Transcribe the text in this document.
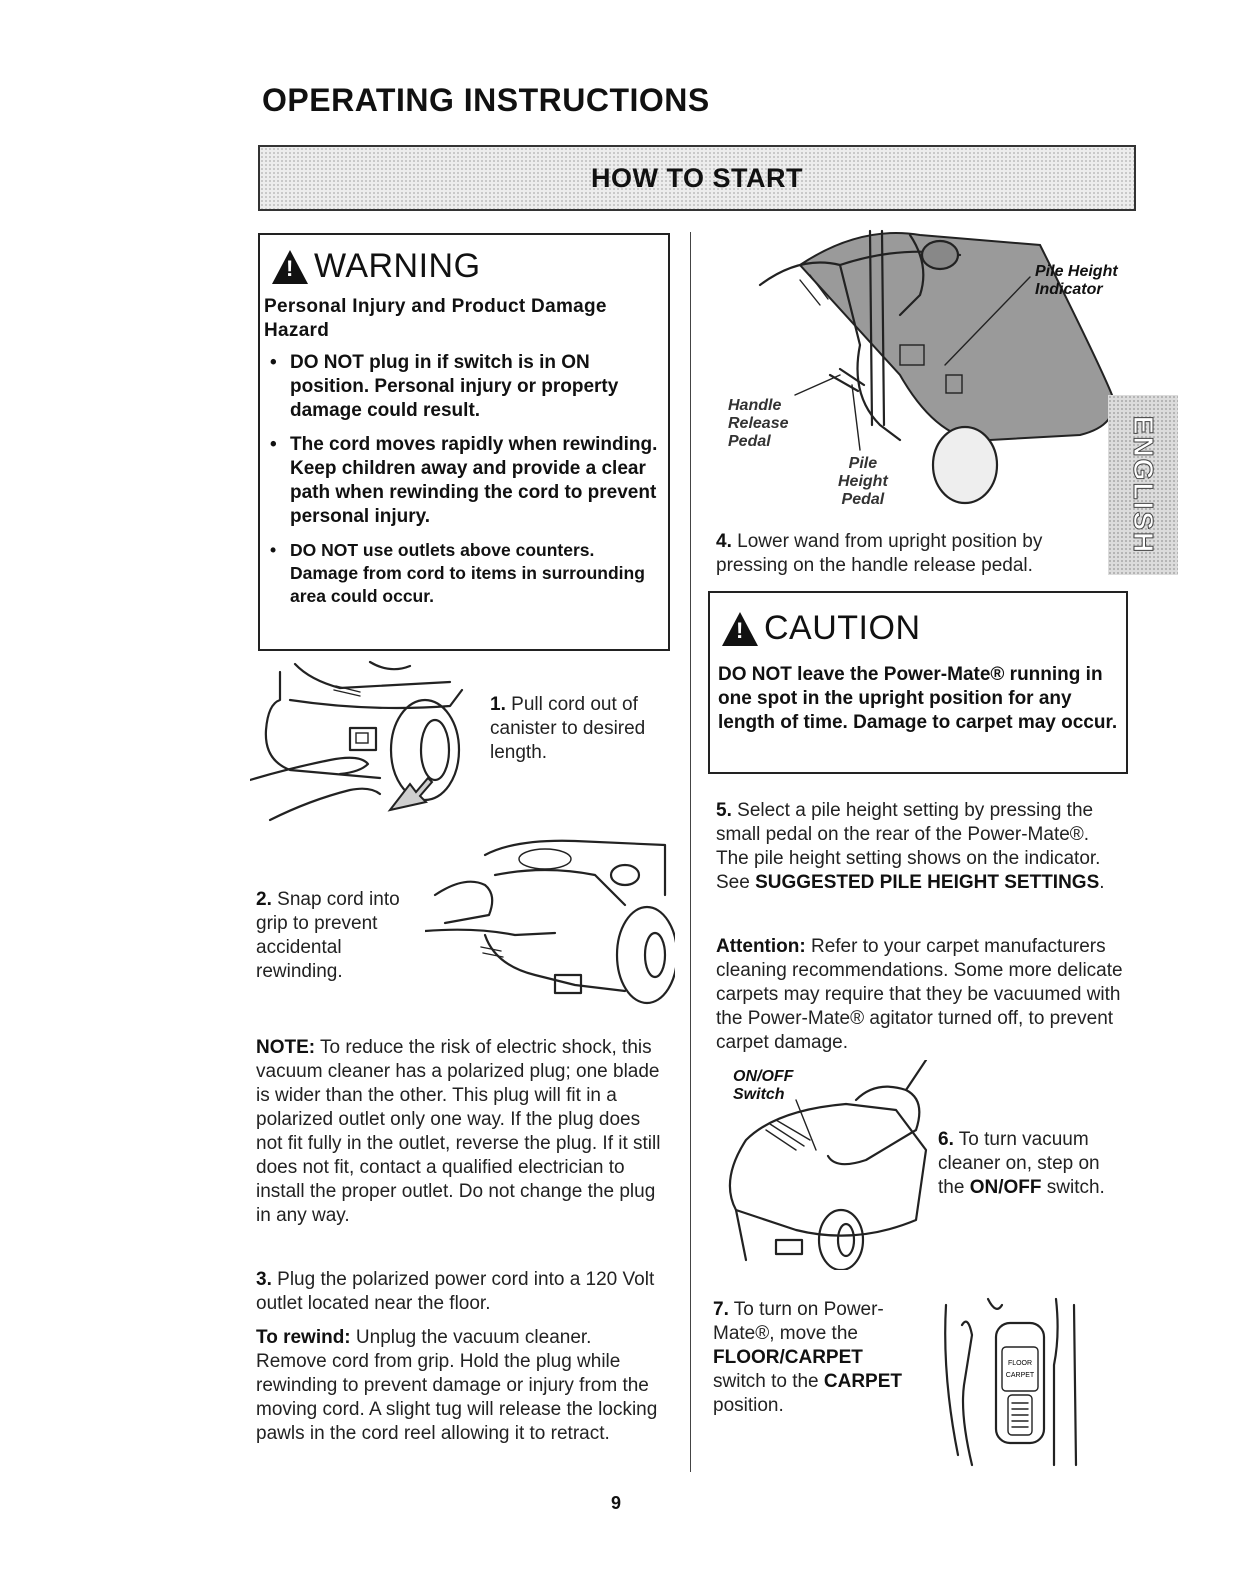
OPERATING INSTRUCTIONS
HOW TO START
!
WARNING
Personal Injury and Product Damage Hazard
• DO NOT plug in if switch is in ON position. Personal injury or property damage could result.
• The cord moves rapidly when rewinding. Keep children away and provide a clear path when rewinding the cord to prevent personal injury.
• DO NOT use outlets above counters. Damage from cord to items in surrounding area could occur.
1. Pull cord out of canister to desired length.
2. Snap cord into grip to prevent accidental rewinding.
NOTE: To reduce the risk of electric shock, this vacuum cleaner has a polarized plug; one blade is wider than the other. This plug will fit in a polarized outlet only one way. If the plug does not fit fully in the outlet, reverse the plug. If it still does not fit, contact a qualified electrician to install the proper outlet. Do not change the plug in any way.
3. Plug the polarized power cord into a 120 Volt outlet located near the floor.
To rewind: Unplug the vacuum cleaner. Remove cord from grip. Hold the plug while rewinding to prevent damage or injury from the moving cord. A slight tug will release the locking pawls in the cord reel allowing it to retract.
Pile Height
Indicator
Handle
Release
Pedal
Pile
Height
Pedal	ENGLISH
4. Lower wand from upright position by pressing on the handle release pedal.
!
CAUTION
DO NOT leave the Power-Mate® running in one spot in the upright position for any length of time. Damage to carpet may occur.
5. Select a pile height setting by pressing the small pedal on the rear of the Power-Mate®. The pile height setting shows on the indicator. See SUGGESTED PILE HEIGHT SETTINGS.
Attention: Refer to your carpet manufacturers cleaning recommendations. Some more delicate carpets may require that they be vacuumed with the Power-Mate® agitator turned off, to prevent carpet damage.
ON/OFF
Switch
6. To turn vacuum cleaner on, step on the ON/OFF switch.
7. To turn on Power-Mate®, move the FLOOR/CARPET switch to the CARPET position.
FLOOR
CARPET
9
